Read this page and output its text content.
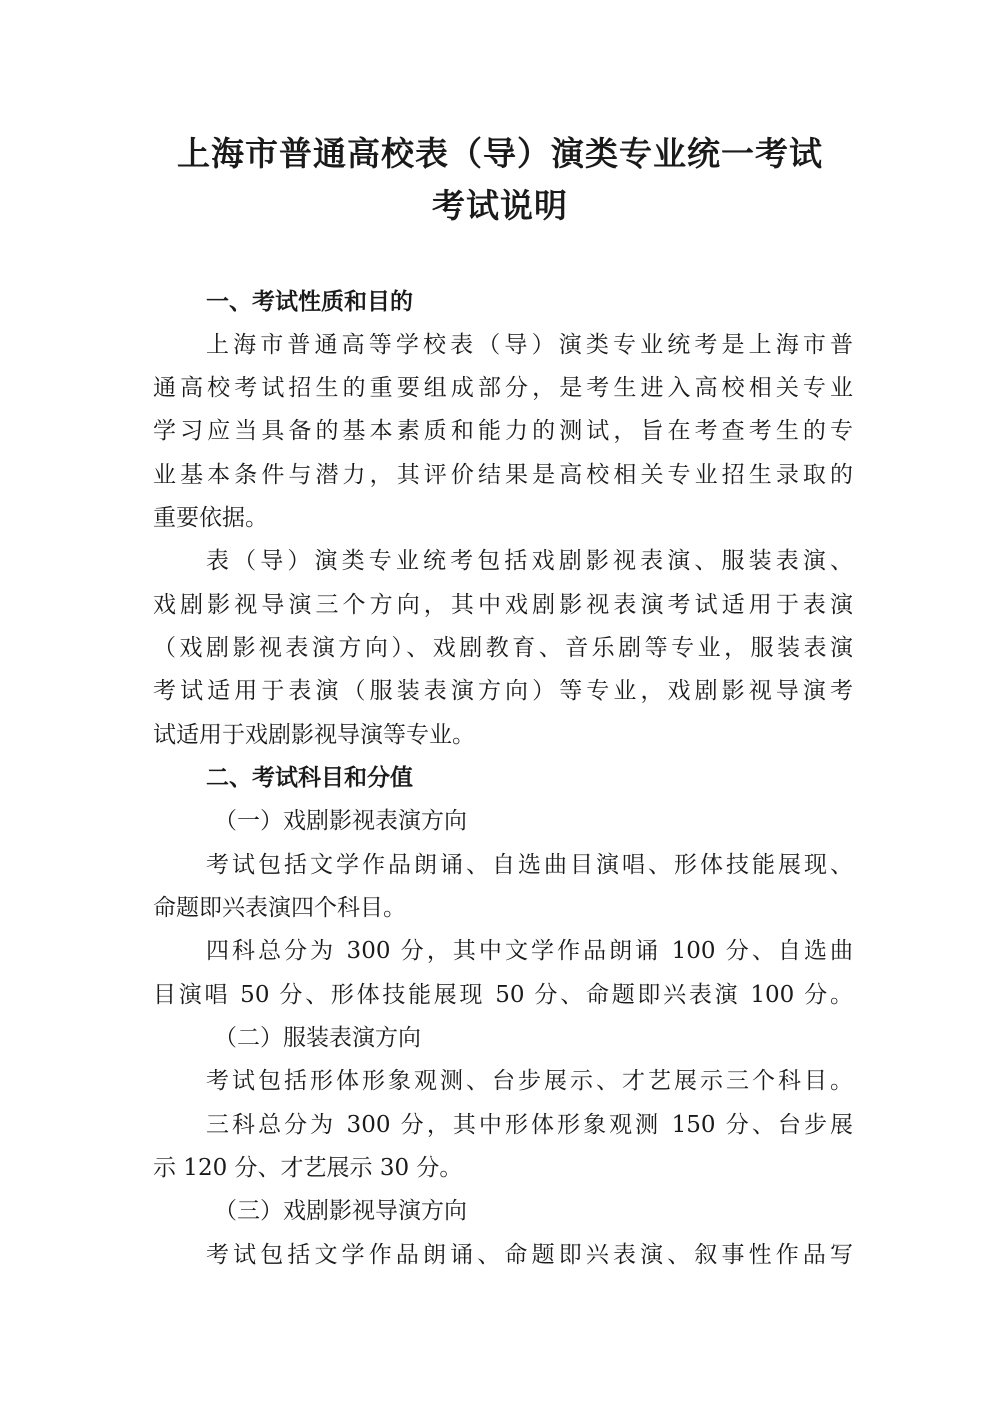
上海市普通高校表（导）演类专业统一考试
考试说明
一、考试性质和目的
上海市普通高等学校表（导）演类专业统考是上海市普
通高校考试招生的重要组成部分，是考生进入高校相关专业
学习应当具备的基本素质和能力的测试，旨在考查考生的专
业基本条件与潜力，其评价结果是高校相关专业招生录取的
重要依据。
表（导）演类专业统考包括戏剧影视表演、服装表演、
戏剧影视导演三个方向，其中戏剧影视表演考试适用于表演
（戏剧影视表演方向）、戏剧教育、音乐剧等专业，服装表演
考试适用于表演（服装表演方向）等专业，戏剧影视导演考
试适用于戏剧影视导演等专业。
二、考试科目和分值
（一）戏剧影视表演方向
考试包括文学作品朗诵、自选曲目演唱、形体技能展现、
命题即兴表演四个科目。
四科总分为 300 分，其中文学作品朗诵 100 分、自选曲
目演唱 50 分、形体技能展现 50 分、命题即兴表演 100 分。
（二）服装表演方向
考试包括形体形象观测、台步展示、才艺展示三个科目。
三科总分为 300 分，其中形体形象观测 150 分、台步展
示 120 分、才艺展示 30 分。
（三）戏剧影视导演方向
考试包括文学作品朗诵、命题即兴表演、叙事性作品写
